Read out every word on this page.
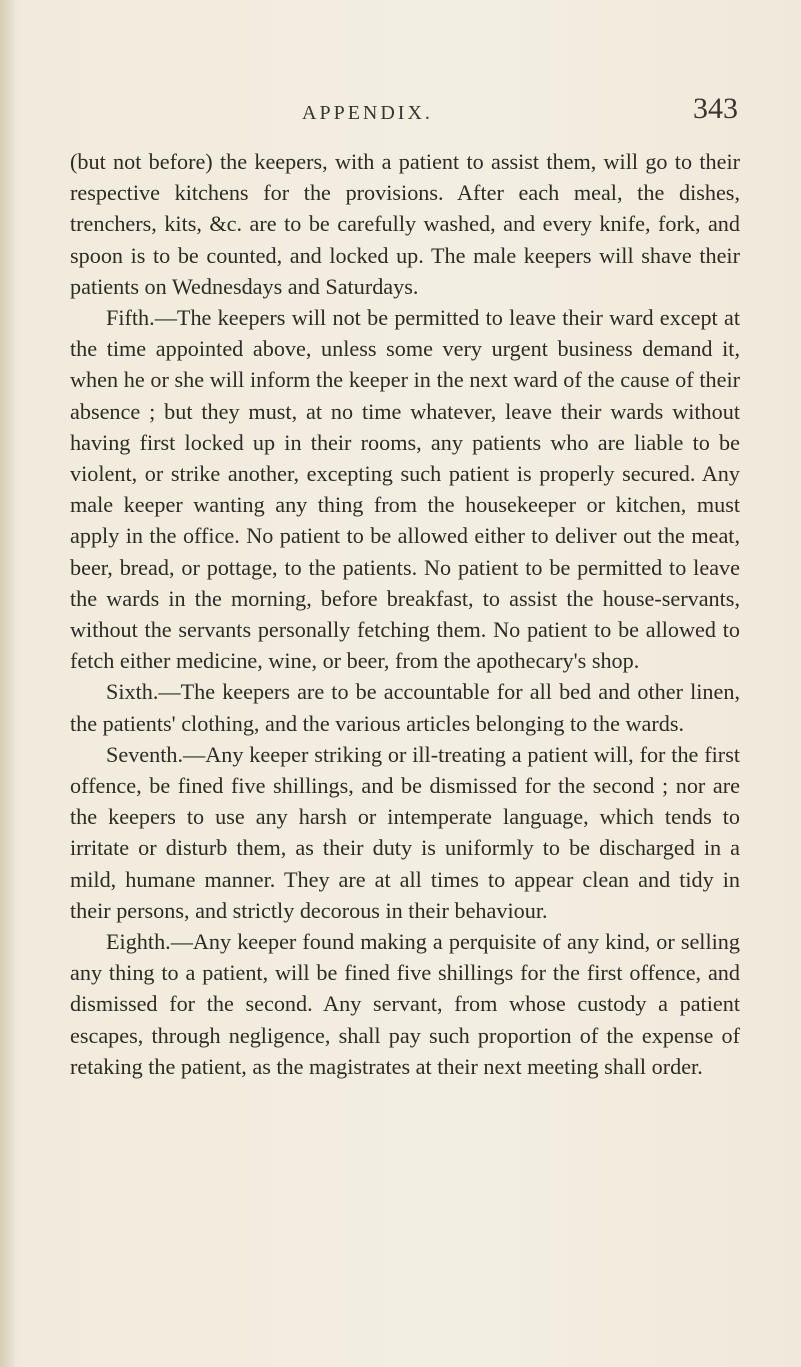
APPENDIX.	343

(but not before) the keepers, with a patient to assist them, will go to their respective kitchens for the provisions. After each meal, the dishes, trenchers, kits, &c. are to be carefully washed, and every knife, fork, and spoon is to be counted, and locked up. The male keepers will shave their patients on Wednesdays and Saturdays.

Fifth.—The keepers will not be permitted to leave their ward except at the time appointed above, unless some very urgent business demand it, when he or she will inform the keeper in the next ward of the cause of their absence ; but they must, at no time whatever, leave their wards without having first locked up in their rooms, any patients who are liable to be violent, or strike another, excepting such patient is properly secured. Any male keeper wanting any thing from the housekeeper or kitchen, must apply in the office. No patient to be allowed either to deliver out the meat, beer, bread, or pottage, to the patients. No patient to be permitted to leave the wards in the morning, before breakfast, to assist the house-servants, without the servants personally fetching them. No patient to be allowed to fetch either medicine, wine, or beer, from the apothecary's shop.

Sixth.—The keepers are to be accountable for all bed and other linen, the patients' clothing, and the various articles belonging to the wards.

Seventh.—Any keeper striking or ill-treating a patient will, for the first offence, be fined five shillings, and be dismissed for the second ; nor are the keepers to use any harsh or intemperate language, which tends to irritate or disturb them, as their duty is uniformly to be discharged in a mild, humane manner. They are at all times to appear clean and tidy in their persons, and strictly decorous in their behaviour.

Eighth.—Any keeper found making a perquisite of any kind, or selling any thing to a patient, will be fined five shillings for the first offence, and dismissed for the second. Any servant, from whose custody a patient escapes, through negligence, shall pay such proportion of the expense of retaking the patient, as the magistrates at their next meeting shall order.
